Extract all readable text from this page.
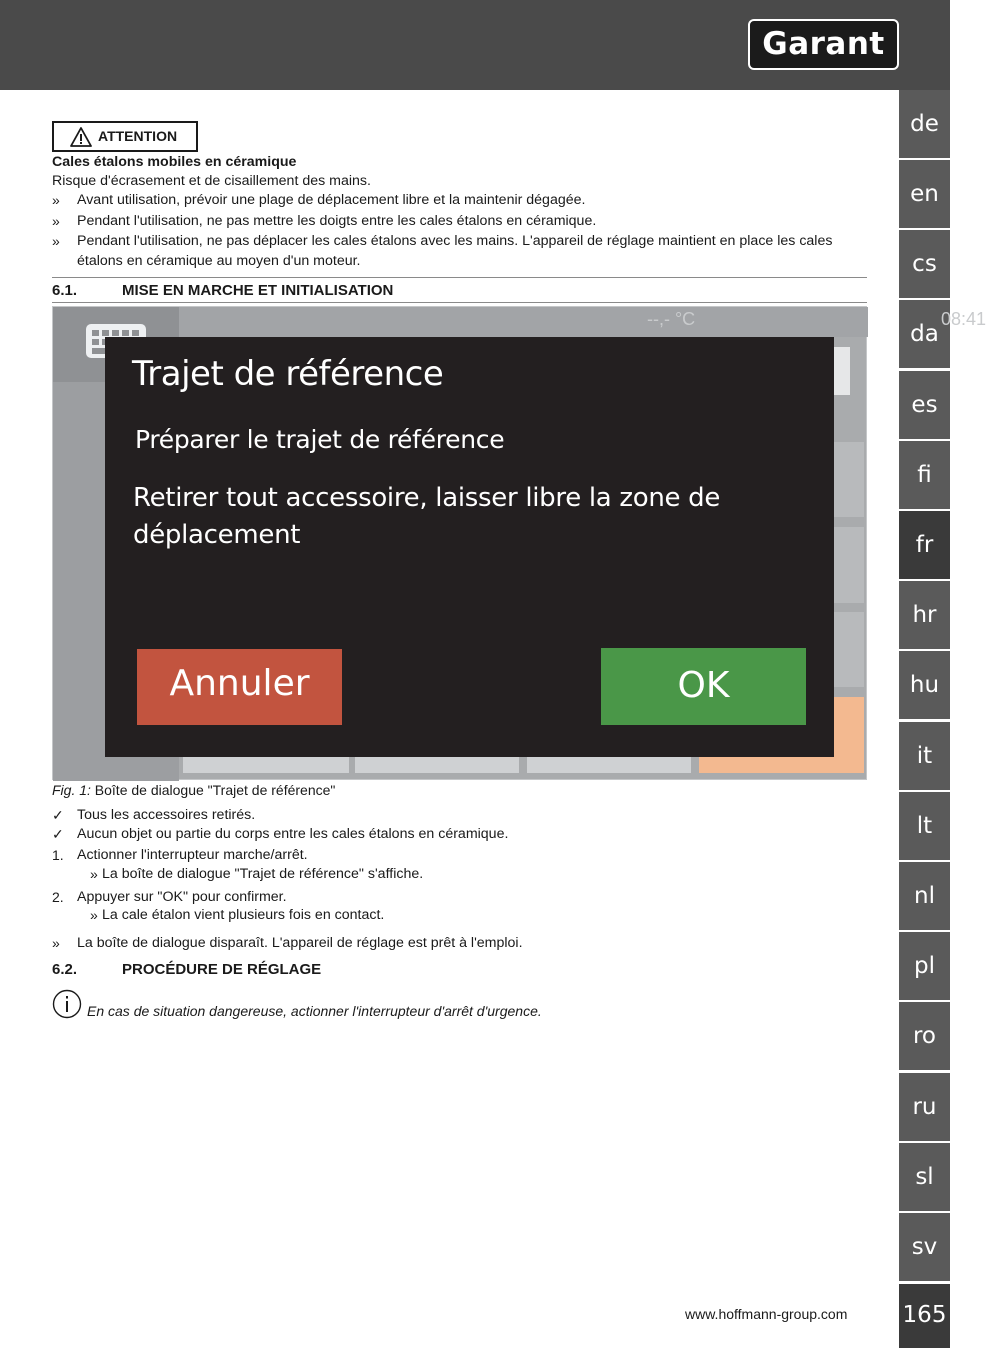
Garant
de
en
cs
da
es
fi
fr
hr
hu
it
lt
nl
pl
ro
ru
sl
sv
165
ATTENTION
Cales étalons mobiles en céramique
Risque d'écrasement et de cisaillement des mains.
» Avant utilisation, prévoir une plage de déplacement libre et la maintenir dégagée.
» Pendant l'utilisation, ne pas mettre les doigts entre les cales étalons en céramique.
» Pendant l'utilisation, ne pas déplacer les cales étalons avec les mains. L'appareil de réglage maintient en place les cales étalons en céramique au moyen d'un moteur.
6.1.	MISE EN MARCHE ET INITIALISATION
--,- °C	08:41
Trajet de référence
Préparer le trajet de référence
Retirer tout accessoire, laisser libre la zone de déplacement
Annuler	OK
Fig. 1: Boîte de dialogue "Trajet de référence"
✓ Tous les accessoires retirés.
✓ Aucun objet ou partie du corps entre les cales étalons en céramique.
1. Actionner l'interrupteur marche/arrêt.
» La boîte de dialogue "Trajet de référence" s'affiche.
2. Appuyer sur "OK" pour confirmer.
» La cale étalon vient plusieurs fois en contact.
» La boîte de dialogue disparaît. L'appareil de réglage est prêt à l'emploi.
6.2.	PROCÉDURE DE RÉGLAGE
En cas de situation dangereuse, actionner l'interrupteur d'arrêt d'urgence.
www.hoffmann-group.com
